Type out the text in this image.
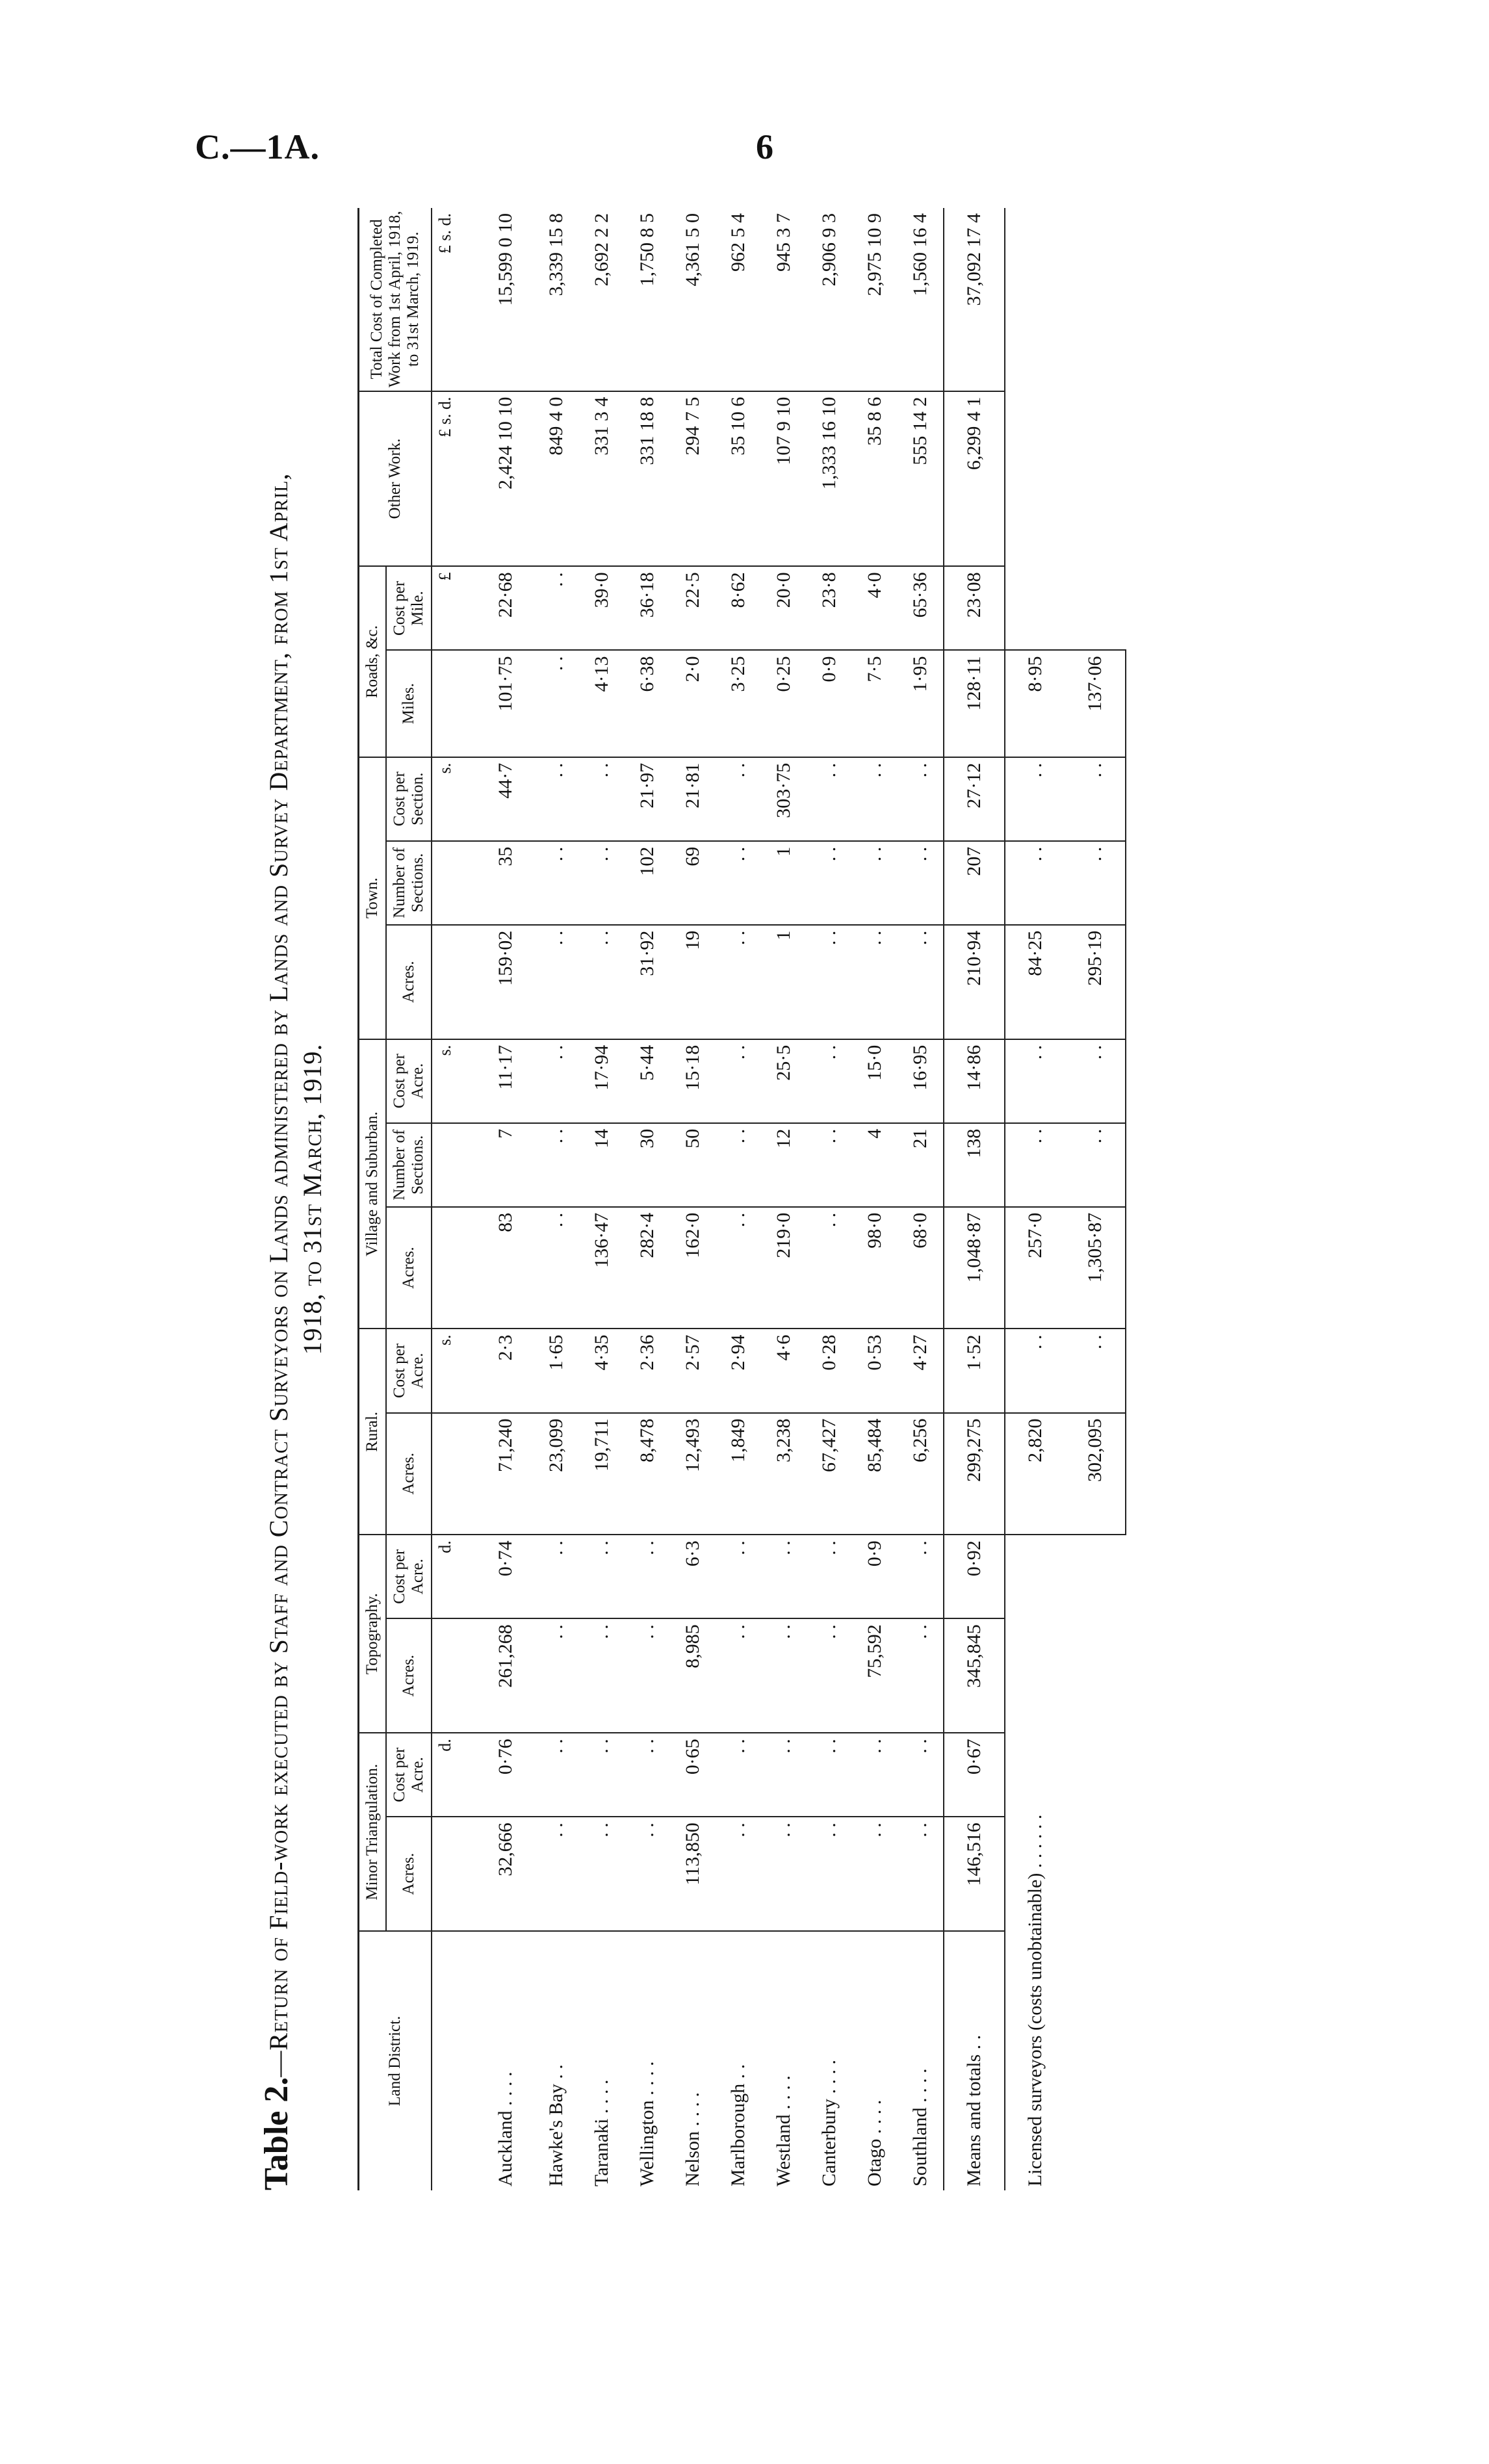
C.—1A.	6
Table 2.—Return of Field-work executed by Staff and Contract Surveyors on Lands administered by Lands and Survey Department, from 1st April, 1918, to 31st March, 1919.
Land District.	Minor Triangulation.		Topography.		Rural.		Village and Suburban.			Town.			Roads, &c.		Other Work.	Total Cost of Completed Work from 1st April, 1918, to 31st March, 1919.
	Acres.	Cost per Acre.	Acres.	Cost per Acre.	Acres.	Cost per Acre.	Acres.	Number of Sections.	Cost per Acre.	Acres.	Number of Sections.	Cost per Section.	Miles.	Cost per Mile.		
		d.		d.		s.			s.			s.		£	£ s. d.	£ s. d.
Auckland . . . .	32,666	0·76	261,268	0·74	71,240	2·3	83	7	11·17	159·02	35	44·7	101·75	22·68	2,424 10 10	15,599 0 10
Hawke's Bay . .	. .	. .	. .	. .	23,099	1·65	. .	. .	. .	. .	. .	. .	. .	. .	849 4 0	3,339 15 8
Taranaki . . . .	. .	. .	. .	. .	19,711	4·35	136·47	14	17·94	. .	. .	. .	4·13	39·0	331 3 4	2,692 2 2
Wellington . . . .	. .	. .	. .	. .	8,478	2·36	282·4	30	5·44	31·92	102	21·97	6·38	36·18	331 18 8	1,750 8 5
Nelson . . . .	113,850	0·65	8,985	6·3	12,493	2·57	162·0	50	15·18	19	69	21·81	2·0	22·5	294 7 5	4,361 5 0
Marlborough . .	. .	. .	. .	. .	1,849	2·94	. .	. .	. .	. .	. .	. .	3·25	8·62	35 10 6	962 5 4
Westland . . . .	. .	. .	. .	. .	3,238	4·6	219·0	12	25·5	1	1	303·75	0·25	20·0	107 9 10	945 3 7
Canterbury . . . .	. .	. .	. .	. .	67,427	0·28	. .	. .	. .	. .	. .	. .	0·9	23·8	1,333 16 10	2,906 9 3
Otago . . . .	. .	. .	75,592	0·9	85,484	0·53	98·0	4	15·0	. .	. .	. .	7·5	4·0	35 8 6	2,975 10 9
Southland . . . .	. .	. .	. .	. .	6,256	4·27	68·0	21	16·95	. .	. .	. .	1·95	65·36	555 14 2	1,560 16 4
Means and totals . .	146,516	0·67	345,845	0·92	299,275	1·52	1,048·87	138	14·86	210·94	207	27·12	128·11	23·08	6,299 4 1	37,092 17 4
Licensed surveyors (costs unobtainable) . . . . . .					2,820	. .	257·0	. .	. .	84·25	. .	. .	8·95			
					302,095	. .	1,305·87	. .	. .	295·19	. .	. .	137·06			
